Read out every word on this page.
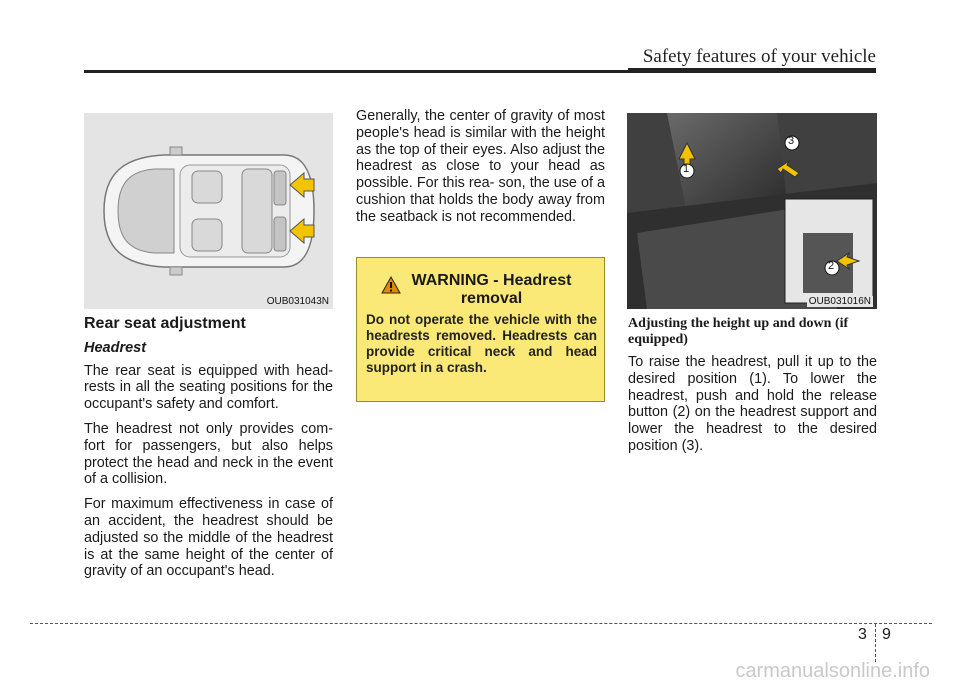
Safety features of your vehicle
OUB031043N
1
3
2
OUB031016N
Rear seat adjustment
Headrest

The rear seat is equipped with head- rests in all the seating positions for the occupant's safety and comfort.

The headrest not only provides com- fort for passengers, but also helps protect the head and neck in the event of a collision.

For maximum effectiveness in case of an accident, the headrest should be adjusted so the middle of the headrest is at the same height of the center of gravity of an occupant's head.

Generally, the center of gravity of most people's head is similar with the height as the top of their eyes. Also adjust the headrest as close to your head as possible. For this rea- son, the use of a cushion that holds the body away from the seatback is not recommended.

WARNING - Headrest
removal
Do not operate the vehicle with the headrests removed. Headrests can provide critical neck and head support in a crash.
Adjusting the height up and down (if equipped)

To raise the headrest, pull it up to the desired position (1). To lower the headrest, push and hold the release button (2) on the headrest support and lower the headrest to the desired position (3).

3 9
carmanualsonline.info
